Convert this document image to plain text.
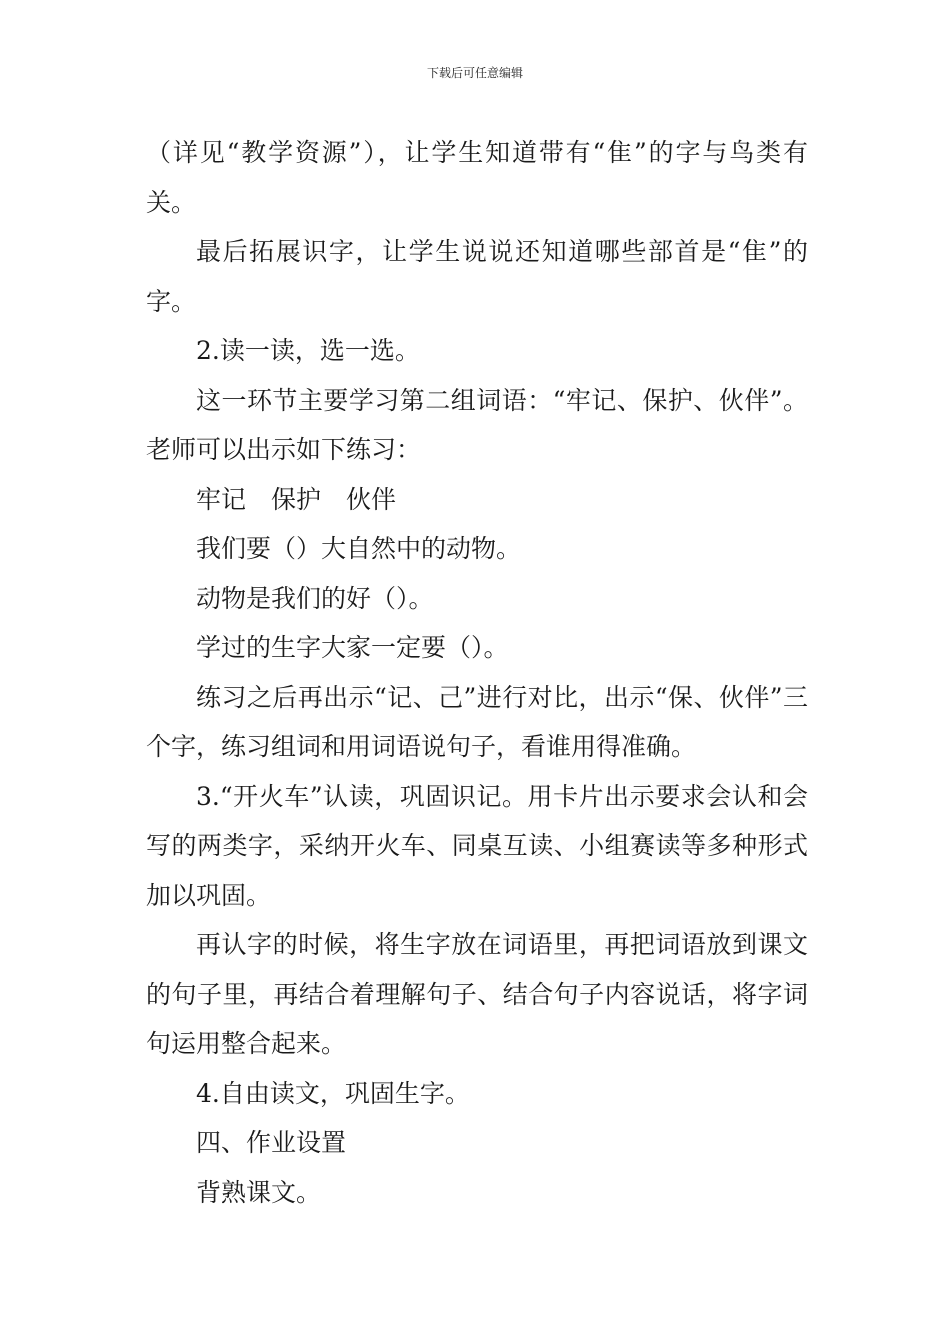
下载后可任意编辑

（详见“教学资源”），让学生知道带有“隹”的字与鸟类有关。

最后拓展识字，让学生说说还知道哪些部首是“隹”的字。

2.读一读，选一选。

这一环节主要学习第二组词语：“牢记、保护、伙伴”。老师可以出示如下练习：

牢记　保护　伙伴

我们要（）大自然中的动物。

动物是我们的好（）。

学过的生字大家一定要（）。

练习之后再出示“记、己”进行对比，出示“保、伙伴”三个字，练习组词和用词语说句子，看谁用得准确。

3.“开火车”认读，巩固识记。用卡片出示要求会认和会写的两类字，采纳开火车、同桌互读、小组赛读等多种形式加以巩固。

再认字的时候，将生字放在词语里，再把词语放到课文的句子里，再结合着理解句子、结合句子内容说话，将字词句运用整合起来。

4.自由读文，巩固生字。

四、作业设置

背熟课文。
